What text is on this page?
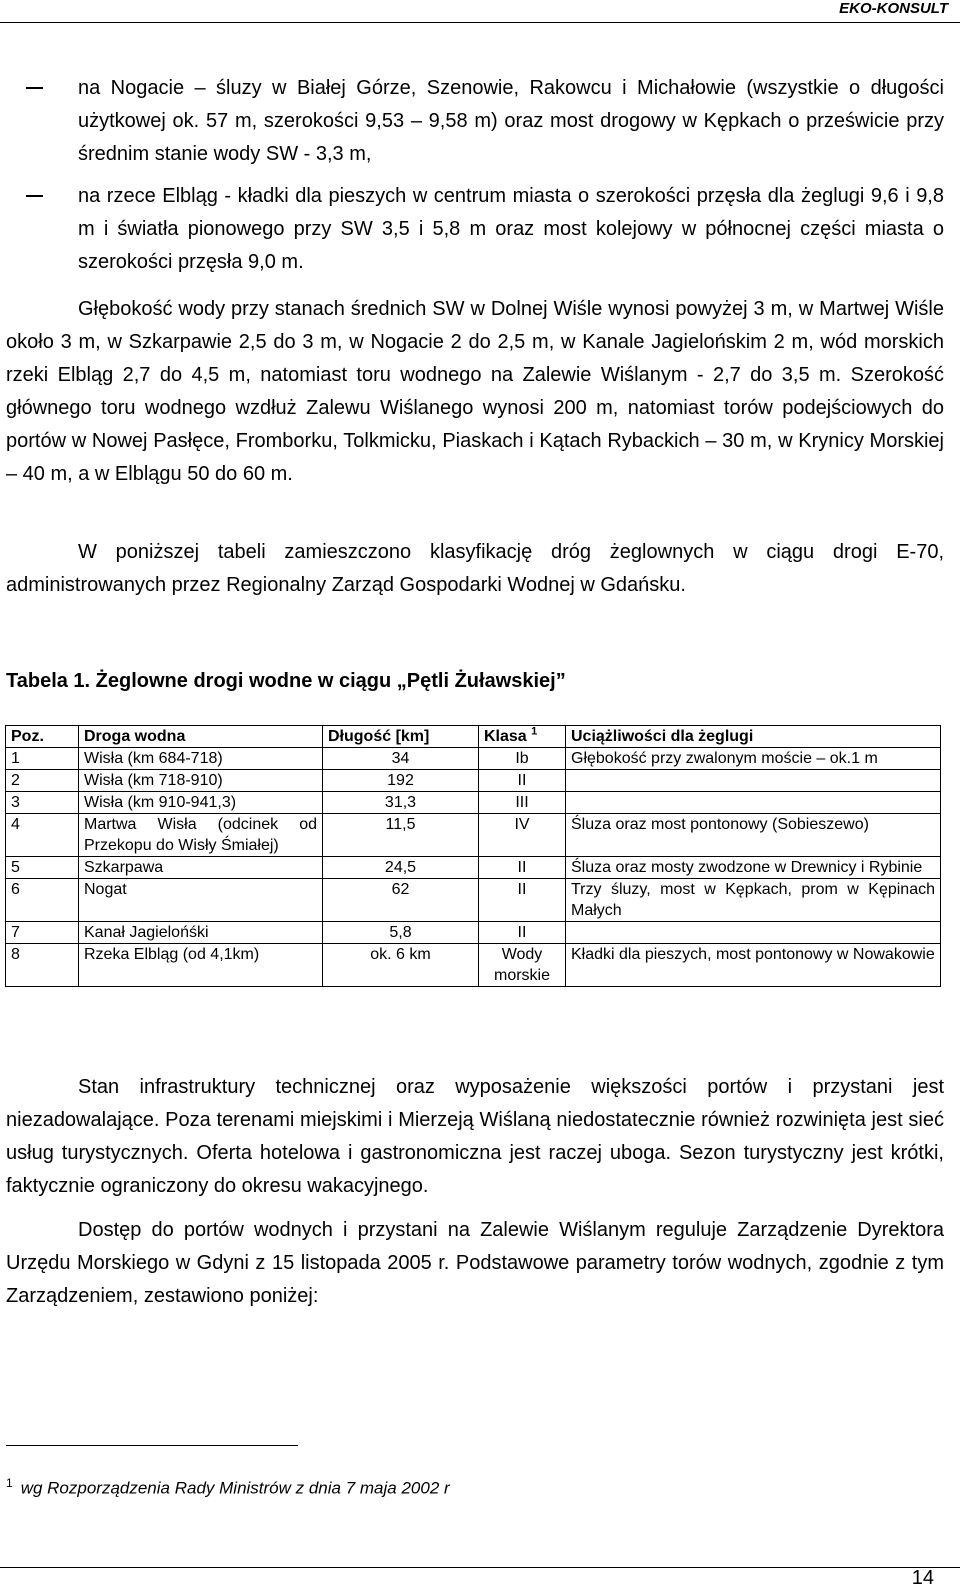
EKO-KONSULT
na Nogacie – śluzy w Białej Górze, Szenowie, Rakowcu i Michałowie (wszystkie o długości użytkowej ok. 57 m, szerokości 9,53 – 9,58 m) oraz most drogowy w Kępkach o prześwicie przy średnim stanie wody SW - 3,3 m,
na rzece Elbląg - kładki dla pieszych w centrum miasta o szerokości przęsła dla żeglugi 9,6 i 9,8 m i światła pionowego przy SW 3,5 i 5,8 m oraz most kolejowy w północnej części miasta o szerokości przęsła 9,0 m.
Głębokość wody przy stanach średnich SW w Dolnej Wiśle wynosi powyżej 3 m, w Martwej Wiśle około 3 m, w Szkarpawie 2,5 do 3 m, w Nogacie 2 do 2,5 m, w Kanale Jagielońskim 2 m, wód morskich rzeki Elbląg 2,7 do 4,5 m, natomiast toru wodnego na Zalewie Wiślanym - 2,7 do 3,5 m. Szerokość głównego toru wodnego wzdłuż Zalewu Wiślanego wynosi 200 m, natomiast torów podejściowych do portów w Nowej Pasłęce, Fromborku, Tolkmicku, Piaskach i Kątach Rybackich – 30 m, w Krynicy Morskiej – 40 m, a w Elblągu 50 do 60 m.
W poniższej tabeli zamieszczono klasyfikację dróg żeglownych w ciągu drogi E-70, administrowanych przez Regionalny Zarząd Gospodarki Wodnej w Gdańsku.
Tabela 1. Żeglowne drogi wodne w ciągu „Pętli Żuławskiej”
Poz.	Droga wodna	Długość [km]	Klasa $^1$	Uciążliwości dla żeglugi
1	Wisła (km 684-718)	34	Ib	Głębokość przy zwalonym moście – ok.1 m
2	Wisła (km 718-910)	192	II	
3	Wisła (km 910-941,3)	31,3	III	
4	Martwa Wisła (odcinek od Przekopu do Wisły Śmiałej)	11,5	IV	Śluza oraz most pontonowy (Sobieszewo)
5	Szkarpawa	24,5	II	Śluza oraz mosty zwodzone w Drewnicy i Rybinie
6	Nogat	62	II	Trzy śluzy, most w Kępkach, prom w Kępinach Małych
7	Kanał Jagielońśki	5,8	II	
8	Rzeka Elbląg (od 4,1km)	ok. 6 km	Wody morskie	Kładki dla pieszych, most pontonowy w Nowakowie
Stan infrastruktury technicznej oraz wyposażenie większości portów i przystani jest niezadowalające. Poza terenami miejskimi i Mierzeją Wiślaną niedostatecznie również rozwinięta jest sieć usług turystycznych. Oferta hotelowa i gastronomiczna jest raczej uboga. Sezon turystyczny jest krótki, faktycznie ograniczony do okresu wakacyjnego.
Dostęp do portów wodnych i przystani na Zalewie Wiślanym reguluje Zarządzenie Dyrektora Urzędu Morskiego w Gdyni z 15 listopada 2005 r. Podstawowe parametry torów wodnych, zgodnie z tym Zarządzeniem, zestawiono poniżej:
$^1$ wg Rozporządzenia Rady Ministrów z dnia 7 maja 2002 r
14
